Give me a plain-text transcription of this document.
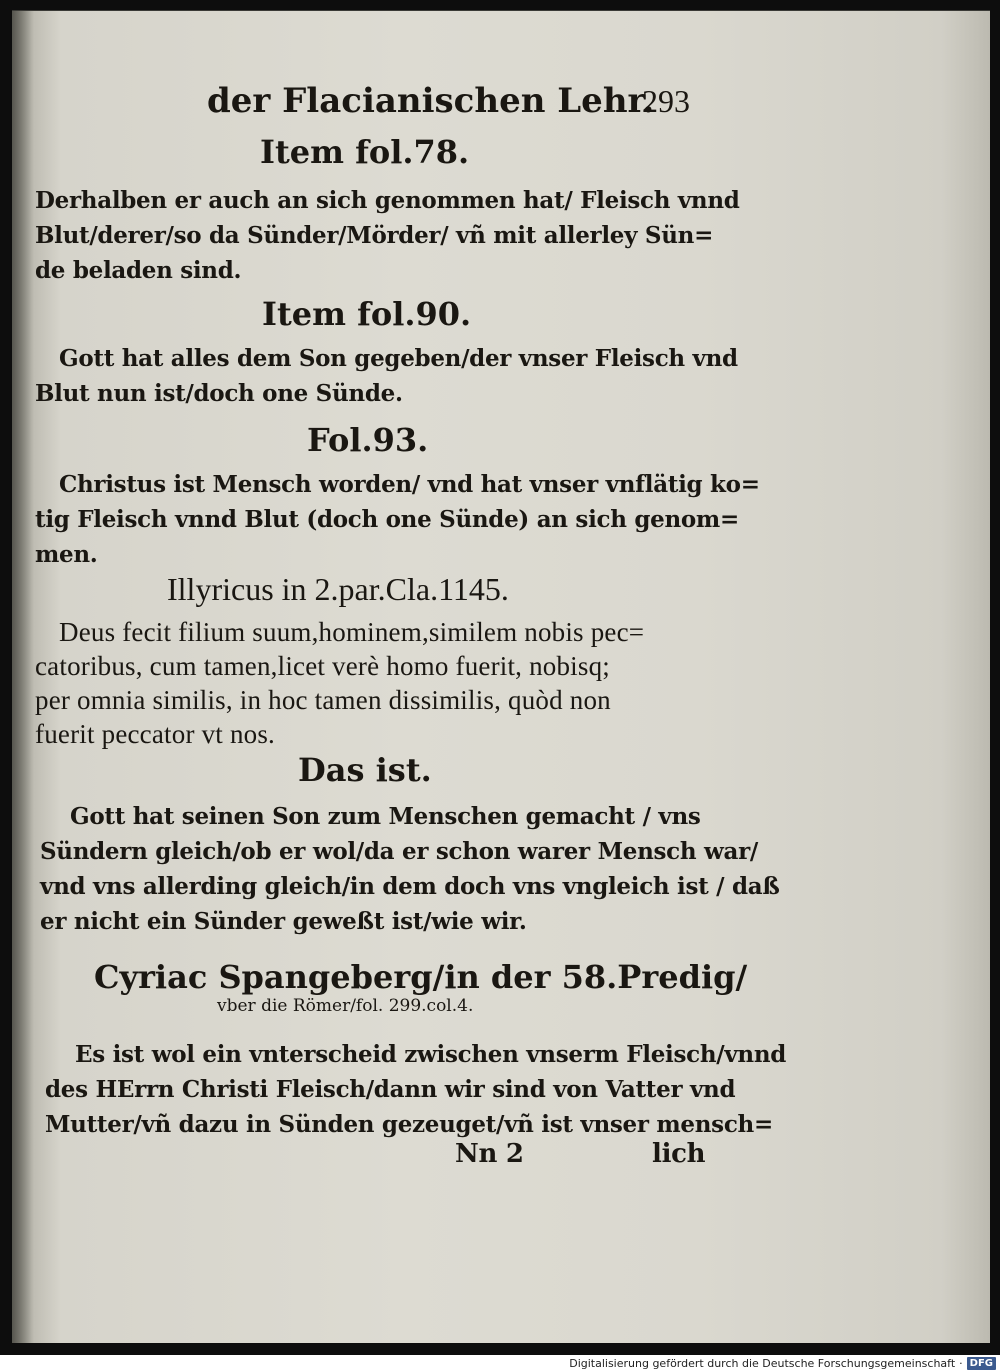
der Flacianischen Lehr.
293
Item fol.78.
Derhalben er auch an sich genommen hat/ Fleisch vnnd
Blut/derer/so da Sünder/Mörder/ vñ mit allerley Sün=
de beladen sind.
Item fol.90.
Gott hat alles dem Son gegeben/der vnser Fleisch vnd
Blut nun ist/doch one Sünde.
Fol.93.
Christus ist Mensch worden/ vnd hat vnser vnflätig ko=
tig Fleisch vnnd Blut (doch one Sünde) an sich genom=
men.
Illyricus in 2.par.Cla.1145.
Deus fecit filium suum,hominem,similem nobis pec=
catoribus, cum tamen,licet verè homo fuerit, nobisq;
per omnia similis, in hoc tamen dissimilis, quòd non
fuerit peccator vt nos.
Das ist.
Gott hat seinen Son zum Menschen gemacht / vns
Sündern gleich/ob er wol/da er schon warer Mensch war/
vnd vns allerding gleich/in dem doch vns vngleich ist / daß
er nicht ein Sünder geweßt ist/wie wir.
Cyriac Spangeberg/in der 58.Predig/
vber die Römer/fol. 299.col.4.
Es ist wol ein vnterscheid zwischen vnserm Fleisch/vnnd
des HErrn Christi Fleisch/dann wir sind von Vatter vnd
Mutter/vñ dazu in Sünden gezeuget/vñ ist vnser mensch=
Nn 2	lich
Digitalisierung gefördert durch die Deutsche Forschungsgemeinschaft · DFG
